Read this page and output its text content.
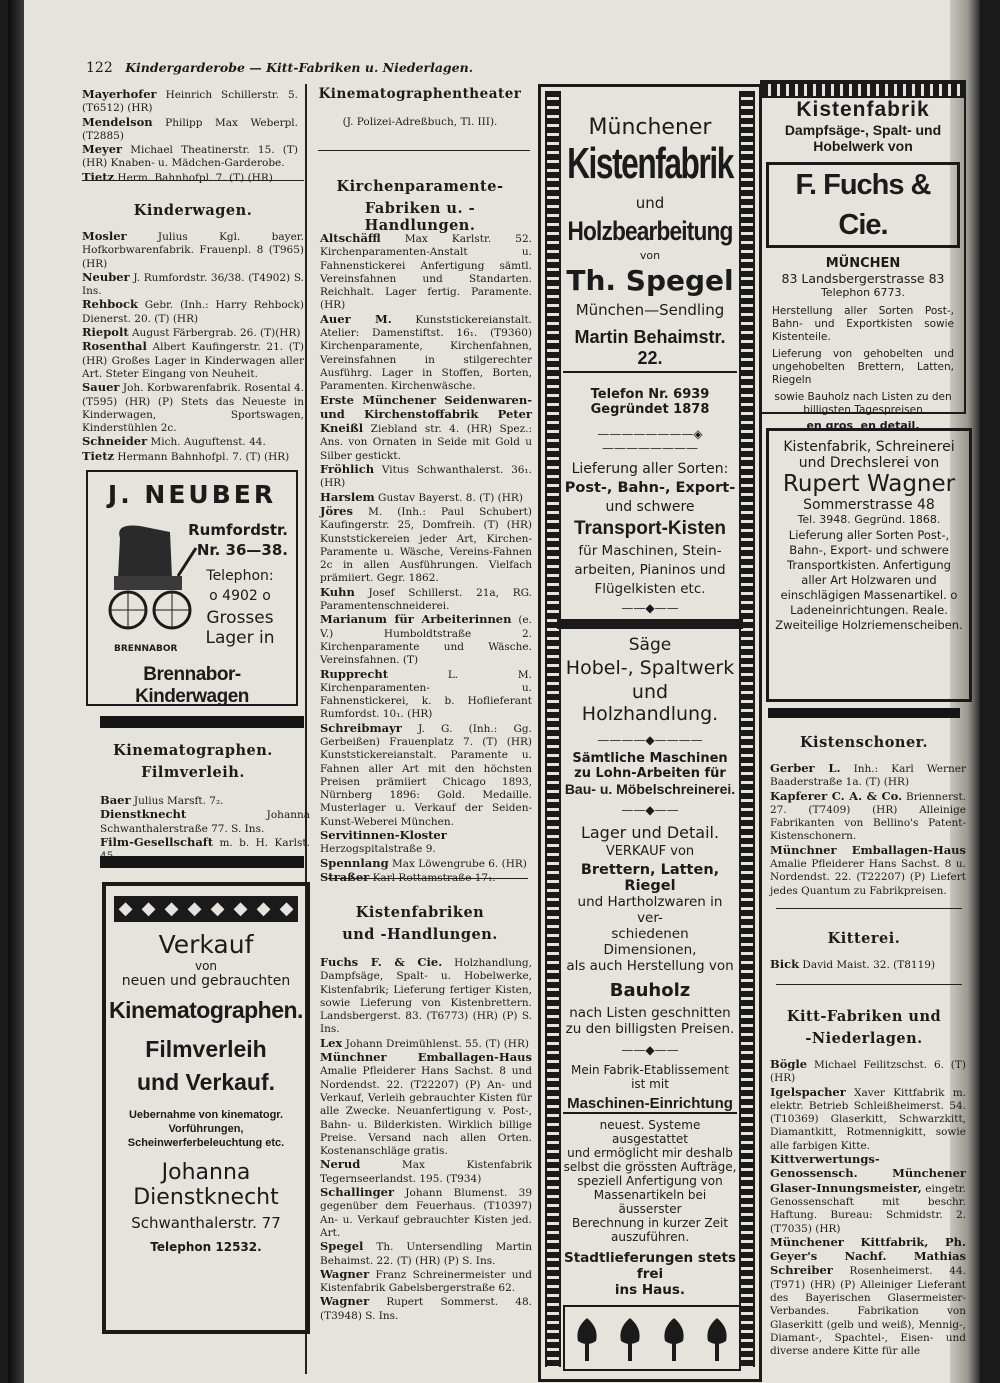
122 Kindergarderobe — Kitt-Fabriken u. Niederlagen.

Mayerhofer Heinrich Schillerstr. 5. (T6512) (HR)

Mendelson Philipp Max Weberpl. (T2885)

Meyer Michael Theatinerstr. 15. (T) (HR) Knaben- u. Mädchen-Garderobe.

Tietz Herm. Bahnhofpl. 7. (T) (HR)

Kinderwagen.

Mosler Julius Kgl. bayer. Hofkorbwarenfabrik. Frauenpl. 8 (T965) (HR)

Neuber J. Rumfordstr. 36/38. (T4902) S. Ins.

Rehbock Gebr. (Inh.: Harry Rehbock) Dienerst. 20. (T) (HR)

Riepolt August Färbergrab. 26. (T)(HR)

Rosenthal Albert Kaufingerstr. 21. (T) (HR) Großes Lager in Kinderwagen aller Art. Steter Eingang von Neuheit.

Sauer Joh. Korbwarenfabrik. Rosental 4. (T595) (HR) (P) Stets das Neueste in Kinderwagen, Sportswagen, Kinderstühlen 2c.

Schneider Mich. Auguftenst. 44.

Tietz Hermann Bahnhofpl. 7. (T) (HR)

J. NEUBER
Rumfordstr.
Nr. 36—38.
Telephon:
o 4902 o
Grosses
Lager in
BRENNABOR
Brennabor-Kinderwagen
Kinematographen.
Filmverleih.

Baer Julius Marsft. 7₂.

Dienstknecht Johanna Schwanthalerstraße 77. S. Ins.

Film-Gesellschaft m. b. H. Karlst.

◆ ◆ ◆ ◆ ◆ ◆ ◆ ◆
Verkauf
von
neuen und gebrauchten
Kinematographen.
Filmverleih
und Verkauf.
Uebernahme von kinematogr. Vorführungen, Scheinwerferbeleuchtung etc.
Johanna
Dienstknecht
Schwanthalerstr. 77
Telephon 12532.
Kinematographentheater
(J. Polizei-Adreßbuch, Tl. III).
Kirchenparamente-
Fabriken u. -Handlungen.

Altschäffl Max Karlstr. 52. Kirchenparamenten-Anstalt u. Fahnenstickerei Anfertigung sämtl. Vereinsfahnen und Standarten. Reichhalt. Lager fertig. Paramente. (HR)

Auer M. Kunststickereianstalt. Atelier: Damenstiftst. 16₁. (T9360) Kirchenparamente, Kirchenfahnen, Vereinsfahnen in stilgerechter Ausführg. Lager in Stoffen, Borten, Paramenten. Kirchenwäsche.

Erste Münchener Seidenwaren- und Kirchenstoffabrik Peter Kneißl Ziebland str. 4. (HR) Spez.: Ans. von Ornaten in Seide mit Gold u Silber gestickt.

Fröhlich Vitus Schwanthalerst. 36₁. (HR)

Harslem Gustav Bayerst. 8. (T) (HR)

Jöres M. (Inh.: Paul Schubert) Kaufingerstr. 25, Domfreih. (T) (HR) Kunststickereien jeder Art, Kirchen-Paramente u. Wäsche, Vereins-Fahnen 2c in allen Ausführungen. Vielfach prämiiert. Gegr. 1862.

Kuhn Josef Schillerst. 21a, RG. Paramentenschneiderei.

Marianum für Arbeiterinnen (e. V.) Humboldtstraße 2. Kirchenparamente und Wäsche. Vereinsfahnen. (T)

Rupprecht L. M. Kirchenparamenten- u. Fahnenstickerei, k. b. Hoflieferant Rumfordst. 10₁. (HR)

Schreibmayr J. G. (Inh.: Gg. Gerbeißen) Frauenplatz 7. (T) (HR) Kunststickereianstalt. Paramente u. Fahnen aller Art mit den höchsten Preisen prämiiert Chicago 1893, Nürnberg 1896: Gold. Medaille. Musterlager u. Verkauf der Seiden-Kunst-Weberei München.

Servitinnen-Kloster Herzogspitalstraße 9.

Spennlang Max Löwengrube 6. (HR)

Straßer Karl Rottamstraße 17₁.

Kistenfabriken
und -Handlungen.

Fuchs F. & Cie. Holzhandlung, Dampfsäge, Spalt- u. Hobelwerke, Kistenfabrik; Lieferung fertiger Kisten, sowie Lieferung von Kistenbrettern. Landsbergerst. 83. (T6773) (HR) (P) S. Ins.

Lex Johann Dreimühlenst. 55. (T) (HR)

Münchner Emballagen-Haus Amalie Pfleiderer Hans Sachst. 8 und Nordendst. 22. (T22207) (P) An- und Verkauf, Verleih gebrauchter Kisten für alle Zwecke. Neuanfertigung v. Post-, Bahn- u. Bilderkisten. Wirklich billige Preise. Versand nach allen Orten. Kostenanschläge gratis.

Nerud Max Kistenfabrik Tegernseerlandst. 195. (T934)

Schallinger Johann Blumenst. 39 gegenüber dem Feuerhaus. (T10397) An- u. Verkauf gebrauchter Kisten jed. Art.

Spegel Th. Untersendling Martin Behaimst. 22. (T) (HR) (P) S. Ins.

Wagner Franz Schreinermeister und Kistenfabrik Gabelsbergerstraße 62.

Wagner Rupert Sommerst. 48. (T3948) S. Ins.

Münchener
Kistenfabrik
und
Holzbearbeitung
von
Th. Spegel
München—Sendling
Martin Behaimstr. 22.
Telefon Nr. 6939
Gegründet 1878
————————◈————————
Lieferung aller Sorten:
Post-, Bahn-, Export-
und schwere
Transport-Kisten
für Maschinen, Stein-
arbeiten, Pianinos und
Flügelkisten etc.
——◆——
Säge
Hobel-, Spaltwerk
und Holzhandlung.
————◆————
Sämtliche Maschinen
zu Lohn-Arbeiten für
Bau- u. Möbelschreinerei.
——◆——
Lager und Detail.
VERKAUF von
Brettern, Latten, Riegel
und Hartholzwaren in ver-
schiedenen Dimensionen,
als auch Herstellung von
Bauholz
nach Listen geschnitten
zu den billigsten Preisen.
——◆——
Mein Fabrik-Etablissement
ist mit
Maschinen-Einrichtung
neuest. Systeme ausgestattet
und ermöglicht mir deshalb
selbst die grössten Aufträge,
speziell Anfertigung von
Massenartikeln bei äusserster
Berechnung in kurzer Zeit
auszuführen.
Stadtlieferungen stets frei
ins Haus.
Kistenfabrik
Dampfsäge-, Spalt- und
Hobelwerk von
F. Fuchs & Cie.
MÜNCHEN
83 Landsbergerstrasse 83
Telephon 6773.
Herstellung aller Sorten Post-, Bahn- und Exportkisten sowie Kistenteile.
Lieferung von gehobelten und ungehobelten Brettern, Latten, Riegeln
sowie Bauholz nach Listen zu den billigsten Tagespreisen
en gros  en detail.
Kistenfabrik, Schreinerei
und Drechslerei von
Rupert Wagner
Sommerstrasse 48
Tel. 3948. Gegründ. 1868.
Lieferung aller Sorten Post-, Bahn-, Export- und schwere Transportkisten. Anfertigung aller Art Holzwaren und einschlägigen Massenartikel. o Ladeneinrichtungen. Reale. Zweiteilige Holzriemenscheiben.
Kistenschoner.

Gerber L. Inh.: Karl Werner Baaderstraße 1a. (T) (HR)

Kapferer C. A. & Co. Briennerst. 27. (T7409) (HR) Alleinige Fabrikanten von Bellino's Patent-Kistenschonern.

Münchner Emballagen-Haus Amalie Pfleiderer Hans Sachst. 8 u. Nordendst. 22. (T22207) (P) Liefert jedes Quantum zu Fabrikpreisen.

Kitterei.

Bick David Maist. 32. (T8119)

Kitt-Fabriken und
-Niederlagen.

Bögle Michael Feilitzschst. 6. (T) (HR)

Igelspacher Xaver Kittfabrik m. elektr. Betrieb Schleißheimerst. 54. (T10369) Glaserkitt, Schwarzkitt, Diamantkitt, Rotmennigkitt, sowie alle farbigen Kitte.

Kittverwertungs-Genossensch. Münchener Glaser-Innungsmeister, eingetr. Genossenschaft mit beschr. Haftung. Bureau: Schmidstr. 2. (T7035) (HR)

Münchener Kittfabrik, Ph. Geyer's Nachf. Mathias Schreiber Rosenheimerst. 44. (T971) (HR) (P) Alleiniger Lieferant des Bayerischen Glasermeister-Verbandes. Fabrikation von Glaserkitt (gelb und weiß), Mennig-, Diamant-, Spachtel-, Eisen- und diverse andere Kitte für alle
